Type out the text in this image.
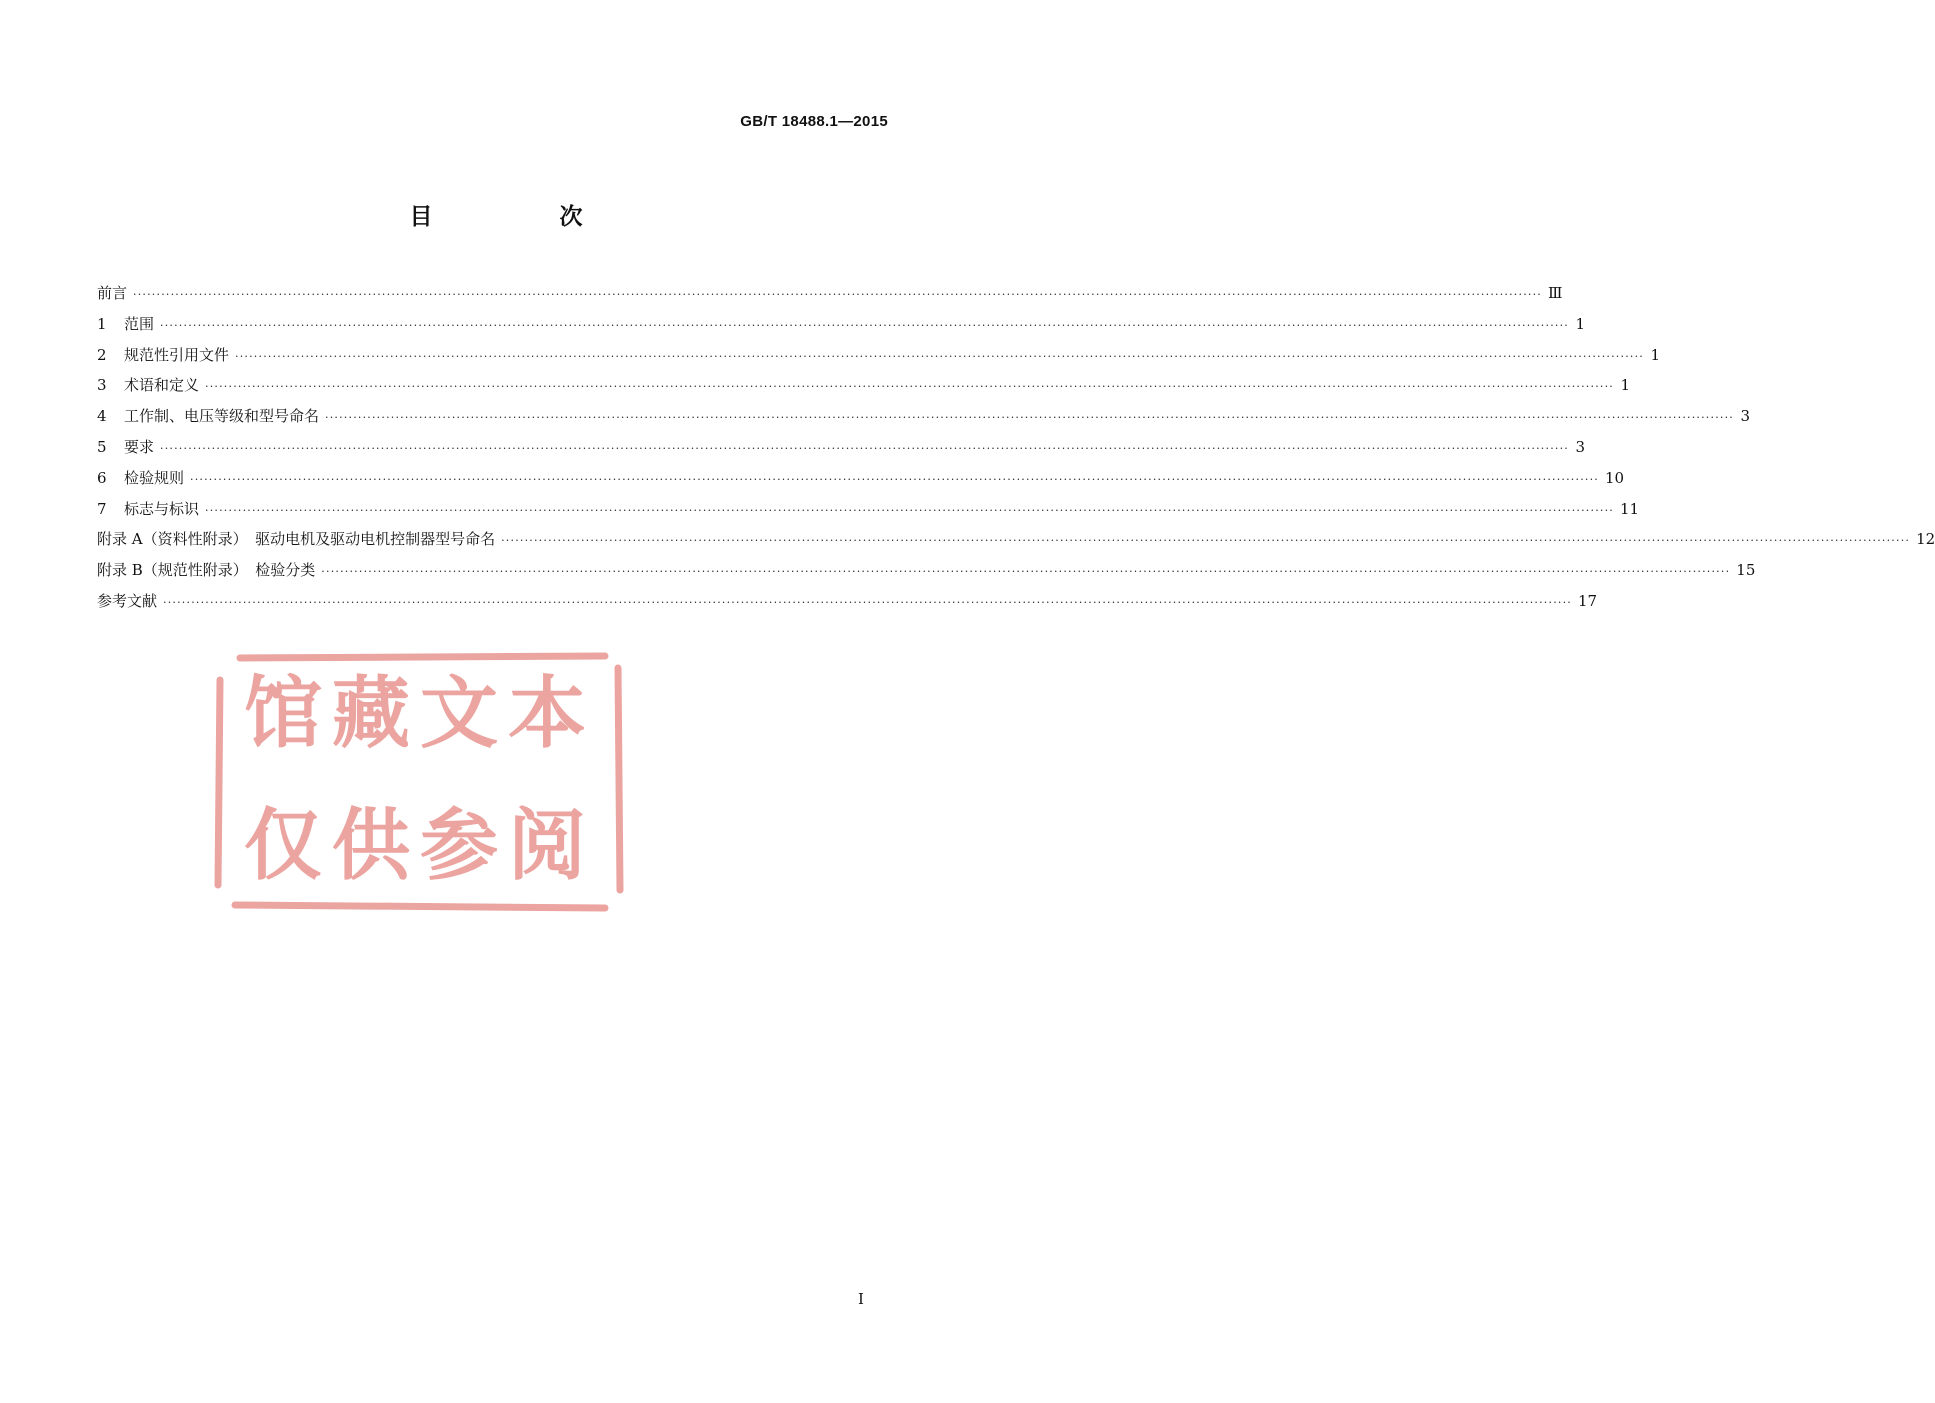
GB/T 18488.1—2015
目　次
前言 ············································································································································································································································································································ Ⅲ
1	范围 ············································································································································································································································································································ 1
2	规范性引用文件 ············································································································································································································································································································ 1
3	术语和定义 ············································································································································································································································································································ 1
4	工作制、电压等级和型号命名 ············································································································································································································································································································ 3
5	要求 ············································································································································································································································································································ 3
6	检验规则 ············································································································································································································································································································ 10
7	标志与标识 ············································································································································································································································································································ 11
附录 A（资料性附录）　驱动电机及驱动电机控制器型号命名 ············································································································································································································································································································ 12
附录 B（规范性附录）　检验分类 ············································································································································································································································································································ 15
参考文献 ············································································································································································································································································································ 17
馆藏文本
仅供参阅
Ⅰ
